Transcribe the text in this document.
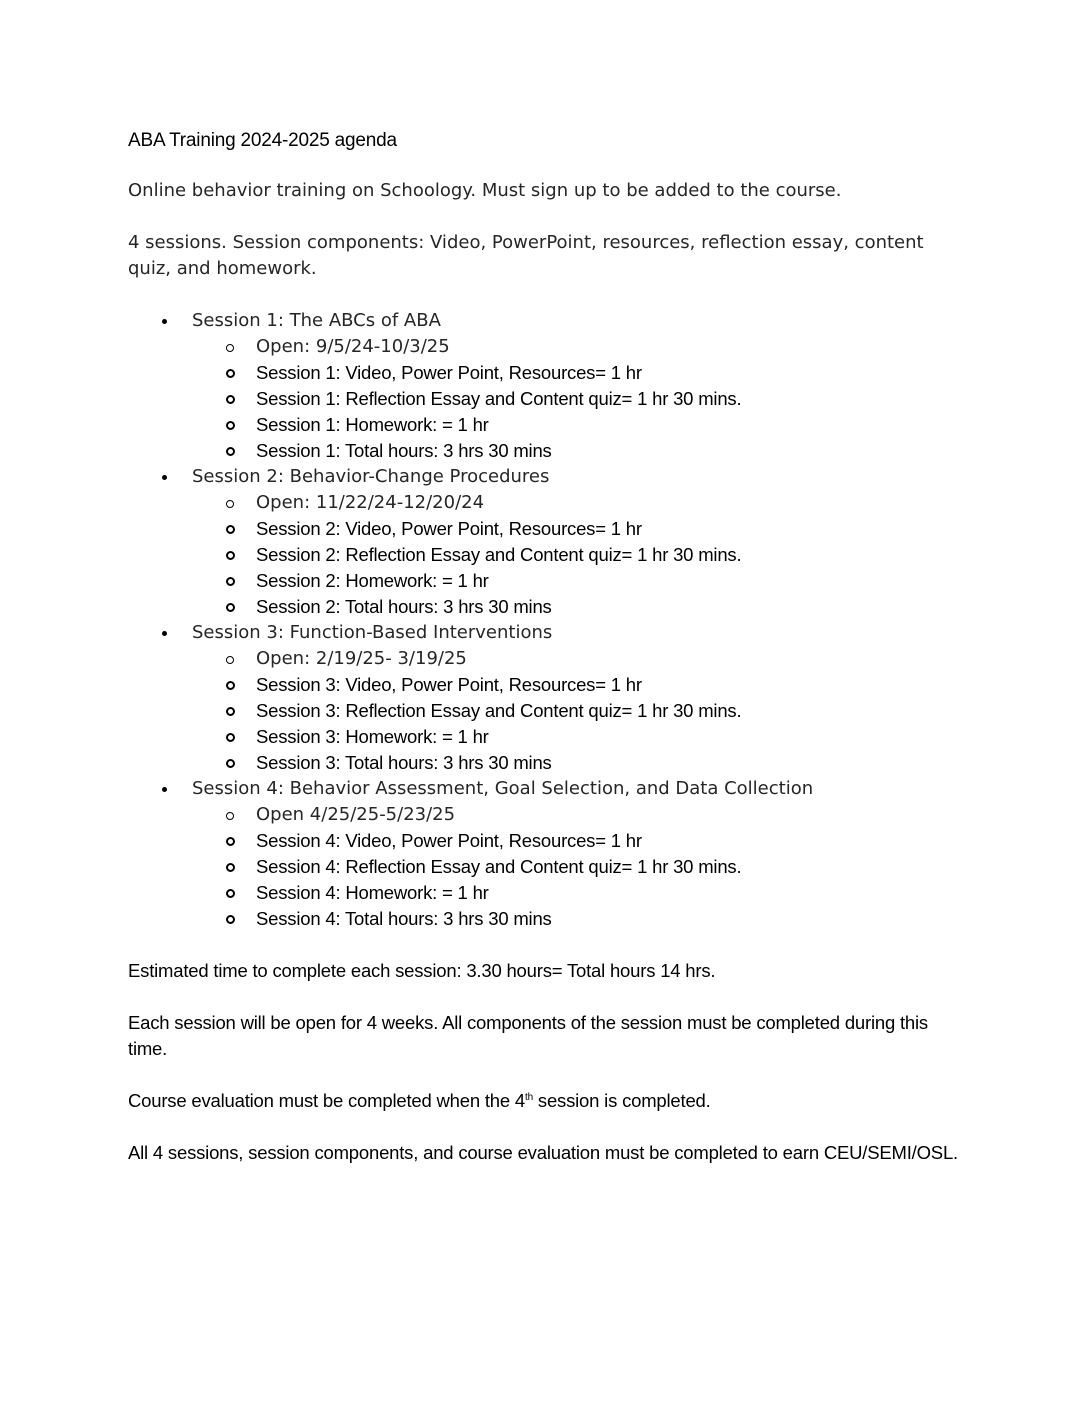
ABA Training 2024-2025 agenda

Online behavior training on Schoology. Must sign up to be added to the course.

4 sessions. Session components: Video, PowerPoint, resources, reflection essay, content quiz, and homework.

Session 1: The ABCs of ABA
Open: 9/5/24-10/3/25
Session 1: Video, Power Point, Resources= 1 hr
Session 1: Reflection Essay and Content quiz= 1 hr 30 mins.
Session 1: Homework: = 1 hr
Session 1: Total hours: 3 hrs 30 mins
Session 2: Behavior-Change Procedures
Open: 11/22/24-12/20/24
Session 2: Video, Power Point, Resources= 1 hr
Session 2: Reflection Essay and Content quiz= 1 hr 30 mins.
Session 2: Homework: = 1 hr
Session 2: Total hours: 3 hrs 30 mins
Session 3: Function-Based Interventions
Open: 2/19/25- 3/19/25
Session 3: Video, Power Point, Resources= 1 hr
Session 3: Reflection Essay and Content quiz= 1 hr 30 mins.
Session 3: Homework: = 1 hr
Session 3: Total hours: 3 hrs 30 mins
Session 4: Behavior Assessment, Goal Selection, and Data Collection
Open 4/25/25-5/23/25
Session 4: Video, Power Point, Resources= 1 hr
Session 4: Reflection Essay and Content quiz= 1 hr 30 mins.
Session 4: Homework: = 1 hr
Session 4: Total hours: 3 hrs 30 mins

Estimated time to complete each session: 3.30 hours= Total hours 14 hrs.

Each session will be open for 4 weeks. All components of the session must be completed during this time.

Course evaluation must be completed when the 4th session is completed.

All 4 sessions, session components, and course evaluation must be completed to earn CEU/SEMI/OSL.
